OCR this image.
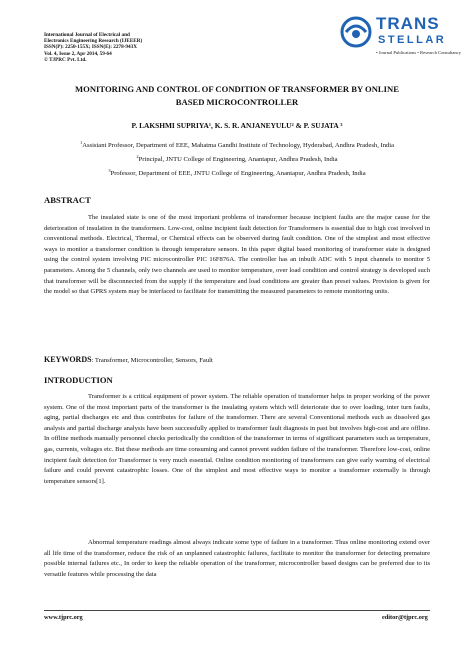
International Journal of Electrical and
Electronics Engineering Research (IJEEER)
ISSN(P): 2250-155X; ISSN(E): 2278-943X
Vol. 4, Issue 2, Apr 2014, 59-64
© TJPRC Pvt. Ltd.
TRANS
STELLAR
• Journal Publications • Research Consultancy
MONITORING AND CONTROL OF CONDITION OF TRANSFORMER BY ONLINE
BASED MICROCONTROLLER
P. LAKSHMI SUPRIYA¹, K. S. R. ANJANEYULU² & P. SUJATA ³
$^1$Assistant Professor, Department of EEE, Mahatma Gandhi Institute of Technology, Hyderabad, Andhra Pradesh, India
$^2$Principal, JNTU College of Engineering, Anantapur, Andhra Pradesh, India
$^3$Professor, Department of EEE, JNTU College of Engineering, Anantapur, Andhra Pradesh, India
ABSTRACT
The insulated state is one of the most important problems of transformer because incipient faults are the major cause for the deterioration of insulation in the transformers. Low-cost, online incipient fault detection for Transformers is essential due to high cost involved in conventional methods. Electrical, Thermal, or Chemical effects can be observed during fault condition. One of the simplest and most effective ways to monitor a transformer condition is through temperature sensors. In this paper digital based monitoring of transformer state is designed using the control system involving PIC microcontroller PIC 16F876A. The controller has an inbuilt ADC with 5 input channels to monitor 5 parameters. Among the 5 channels, only two channels are used to monitor temperature, over load condition and control strategy is developed such that transformer will be disconnected from the supply if the temperature and load conditions are greater than preset values. Provision is given for the model so that GPRS system may be interfaced to facilitate for transmitting the measured parameters to remote monitoring units.
KEYWORDS: Transformer, Microcontroller, Sensors, Fault
INTRODUCTION
Transformer is a critical equipment of power system. The reliable operation of transformer helps in proper working of the power system. One of the most important parts of the transformer is the insulating system which will deteriorate due to over loading, inter turn faults, aging, partial discharges etc and thus contributes for failure of the transformer. There are several Conventional methods such as dissolved gas analysis and partial discharge analysis have been successfully applied to transformer fault diagnosis in past but involves high-cost and are offline. In offline methods manually personnel checks periodically the condition of the transformer in terms of significant parameters such as temperature, gas, currents, voltages etc. But these methods are time consuming and cannot prevent sudden failure of the transformer. Therefore low-cost, online incipient fault detection for Transformer is very much essential. Online condition monitoring of transformers can give early warning of electrical failure and could prevent catastrophic losses. One of the simplest and most effective ways to monitor a transformer externally is through temperature sensors[1].
Abnormal temperature readings almost always indicate some type of failure in a transformer. Thus online monitoring extend over all life time of the transformer, reduce the risk of an unplanned catastrophic failures, facilitate to monitor the transformer for detecting premature possible internal failures etc., In order to keep the reliable operation of the transformer, microcontroller based designs can be preferred due to its versatile features while processing the data
www.tjprc.org	editor@tjprc.org
